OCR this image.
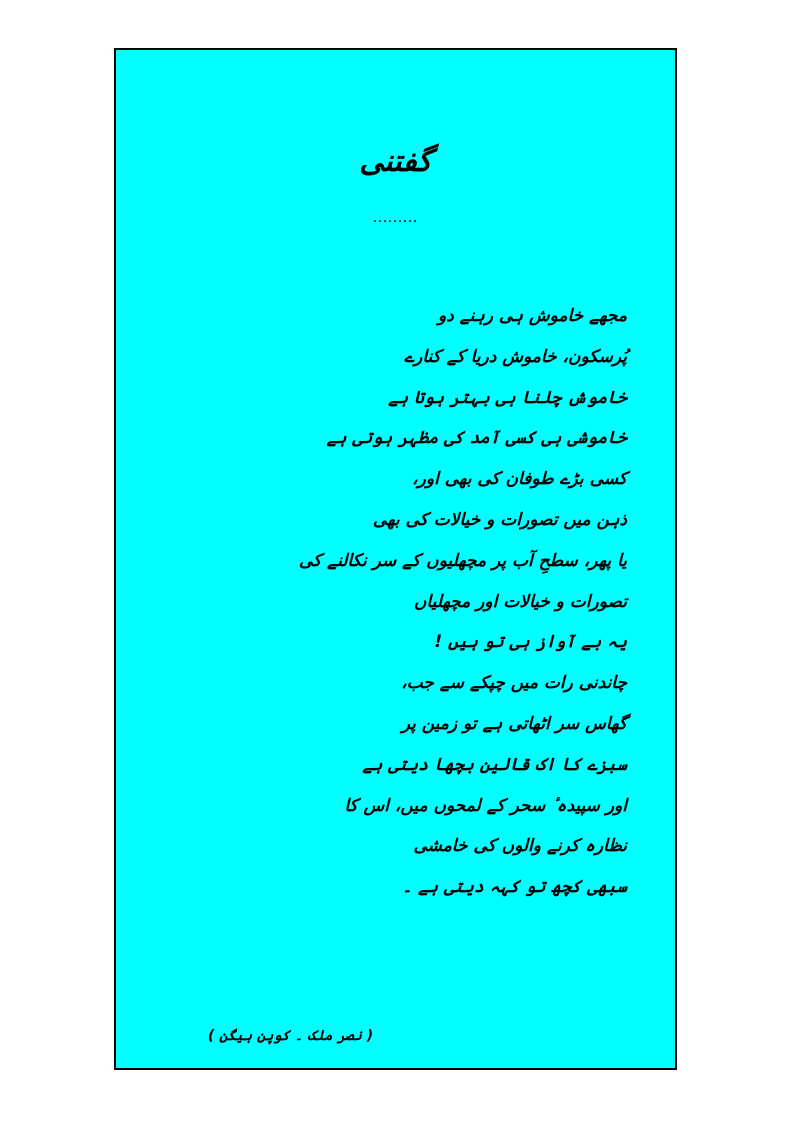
گفتنی
.........
مجھے خاموش ہی رہنے دو
پُرسکون، خاموش دریا کے کنارے
خاموش چلنا ہی بہتر ہوتا ہے
خاموشی ہی کسی آمد کی مظہر ہوتی ہے
کسی بڑے طوفان کی بھی اور،
ذہن میں تصورات و خیالات کی بھی
یا پھر، سطحِ آب پر مچھلیوں کے سر نکالنے کی
تصورات و خیالات اور مچھلیاں
یہ بے آواز ہی تو ہیں !
چاندنی رات میں چپکے سے جب،
گھاس سر اٹھاتی ہے تو زمین پر
سبزے کا اک قالین بچھا دیتی ہے
اور سپیدہ ٔ سحر کے لمحوں میں، اس کا
نظارہ کرنے والوں کی خامشی
سبھی کچھ تو کہہ دیتی ہے ۔
( نصر ملک ۔ کوپن ہیگن )
